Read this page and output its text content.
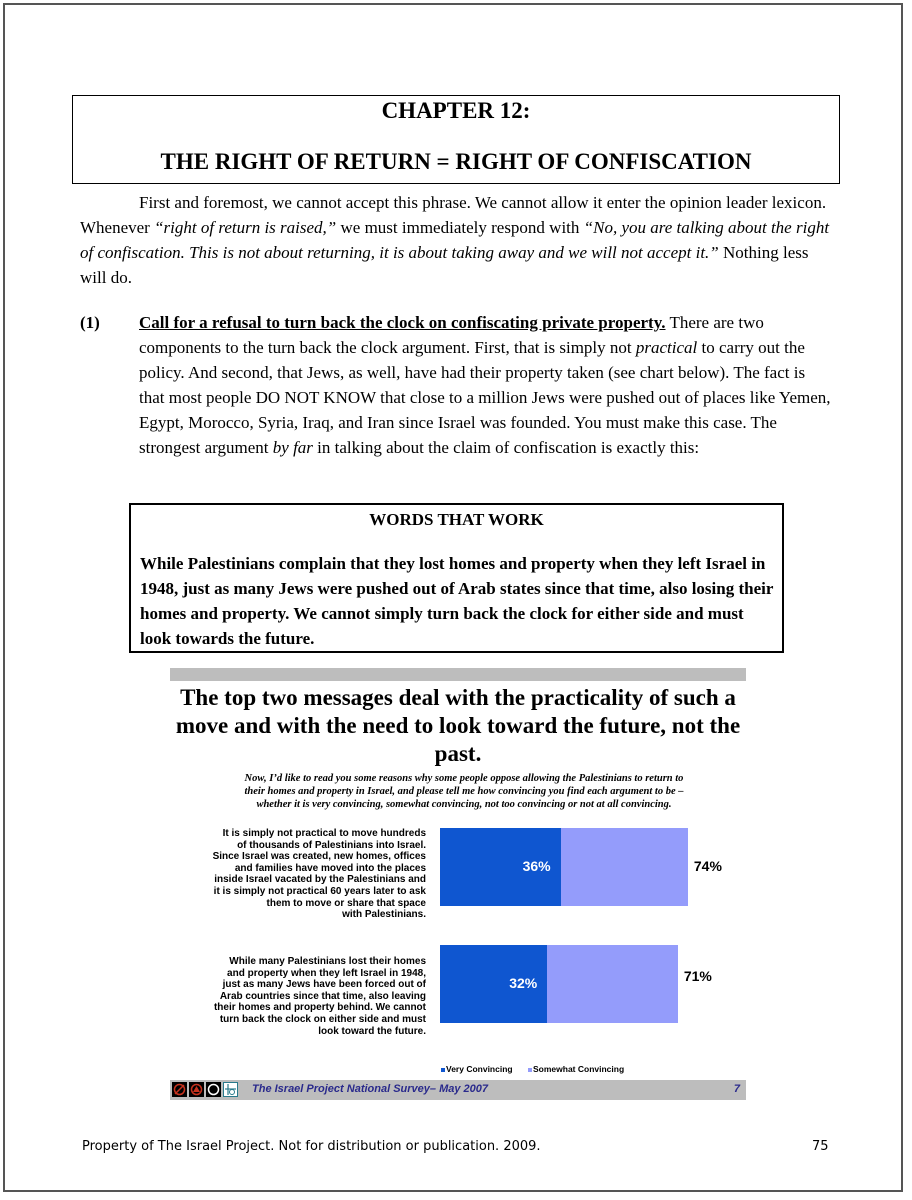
CHAPTER 12:
THE RIGHT OF RETURN = RIGHT OF CONFISCATION

First and foremost, we cannot accept this phrase. We cannot allow it enter the opinion leader lexicon. Whenever “right of return is raised,” we must immediately respond with “No, you are talking about the right of confiscation. This is not about returning, it is about taking away and we will not accept it.” Nothing less will do.

(1) Call for a refusal to turn back the clock on confiscating private property. There are two components to the turn back the clock argument. First, that is simply not practical to carry out the policy. And second, that Jews, as well, have had their property taken (see chart below). The fact is that most people DO NOT KNOW that close to a million Jews were pushed out of places like Yemen, Egypt, Morocco, Syria, Iraq, and Iran since Israel was founded. You must make this case. The strongest argument by far in talking about the claim of confiscation is exactly this:
WORDS THAT WORK
While Palestinians complain that they lost homes and property when they left Israel in 1948, just as many Jews were pushed out of Arab states since that time, also losing their homes and property. We cannot simply turn back the clock for either side and must look towards the future.
The top two messages deal with the practicality of such a move and with the need to look toward the future, not the past.
Now, I’d like to read you some reasons why some people oppose allowing the Palestinians to return to
their homes and property in Israel, and please tell me how convincing you find each argument to be –
whether it is very convincing, somewhat convincing, not too convincing or not at all convincing.
It is simply not practical to move hundreds
of thousands of Palestinians into Israel.
Since Israel was created, new homes, offices
and families have moved into the places
inside Israel vacated by the Palestinians and
it is simply not practical 60 years later to ask
them to move or share that space
with Palestinians.
While many Palestinians lost their homes
and property when they left Israel in 1948,
just as many Jews have been forced out of
Arab countries since that time, also leaving
their homes and property behind. We cannot
turn back the clock on either side and must
look toward the future.
36%	74%
32%	71%
Very Convincing	Somewhat Convincing
The Israel Project National Survey– May 2007	7
Property of The Israel Project. Not for distribution or publication. 2009.	75
